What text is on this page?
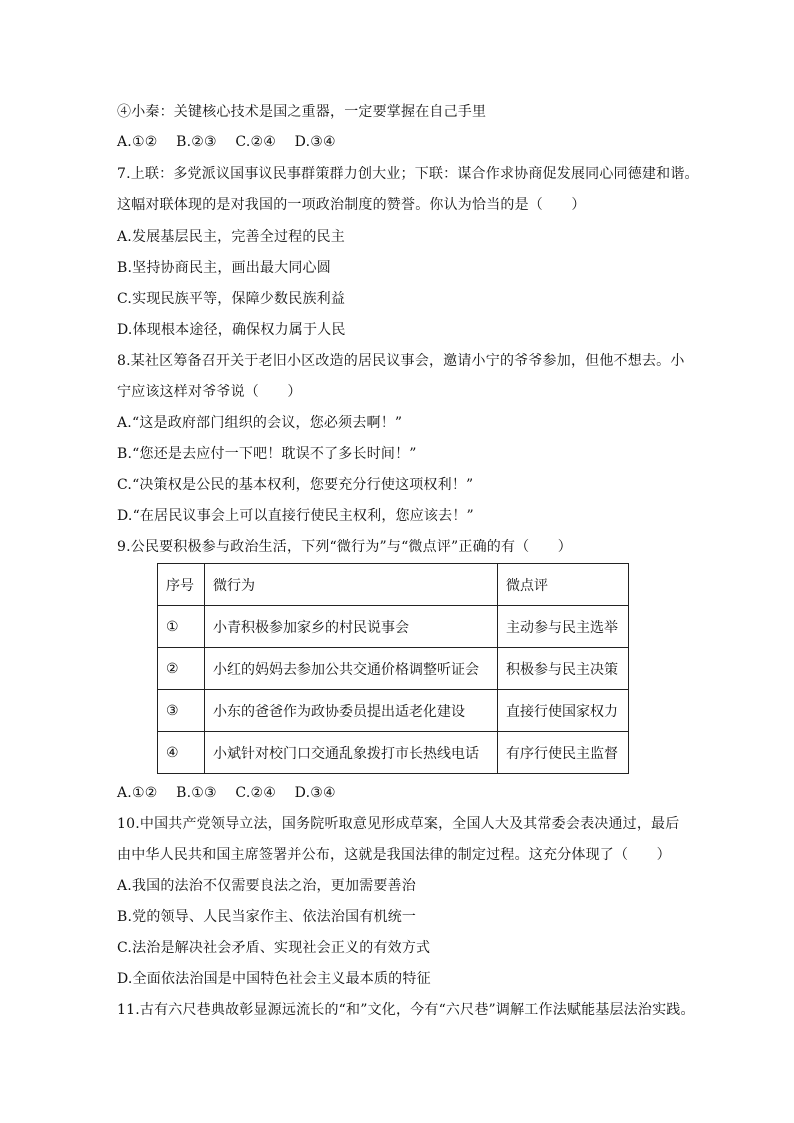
④小秦：关键核心技术是国之重器，一定要掌握在自己手里
A.①② B.②③ C.②④ D.③④
7.上联：多党派议国事议民事群策群力创大业；下联：谋合作求协商促发展同心同德建和谐。
这幅对联体现的是对我国的一项政治制度的赞誉。你认为恰当的是（　　）
A.发展基层民主，完善全过程的民主
B.坚持协商民主，画出最大同心圆
C.实现民族平等，保障少数民族利益
D.体现根本途径，确保权力属于人民
8.某社区筹备召开关于老旧小区改造的居民议事会，邀请小宁的爷爷参加，但他不想去。小
宁应该这样对爷爷说（　　）
A.“这是政府部门组织的会议，您必须去啊！”
B.“您还是去应付一下吧！耽误不了多长时间！”
C.“决策权是公民的基本权利，您要充分行使这项权利！”
D.“在居民议事会上可以直接行使民主权利，您应该去！”
9.公民要积极参与政治生活，下列“微行为”与“微点评”正确的有（　　）
序号	微行为	微点评
①	小青积极参加家乡的村民说事会	主动参与民主选举
②	小红的妈妈去参加公共交通价格调整听证会	积极参与民主决策
③	小东的爸爸作为政协委员提出适老化建设	直接行使国家权力
④	小斌针对校门口交通乱象拨打市长热线电话	有序行使民主监督
A.①② B.①③ C.②④ D.③④
10.中国共产党领导立法，国务院听取意见形成草案，全国人大及其常委会表决通过，最后
由中华人民共和国主席签署并公布，这就是我国法律的制定过程。这充分体现了（　　）
A.我国的法治不仅需要良法之治，更加需要善治
B.党的领导、人民当家作主、依法治国有机统一
C.法治是解决社会矛盾、实现社会正义的有效方式
D.全面依法治国是中国特色社会主义最本质的特征
11.古有六尺巷典故彰显源远流长的“和”文化，今有“六尺巷”调解工作法赋能基层法治实践。
